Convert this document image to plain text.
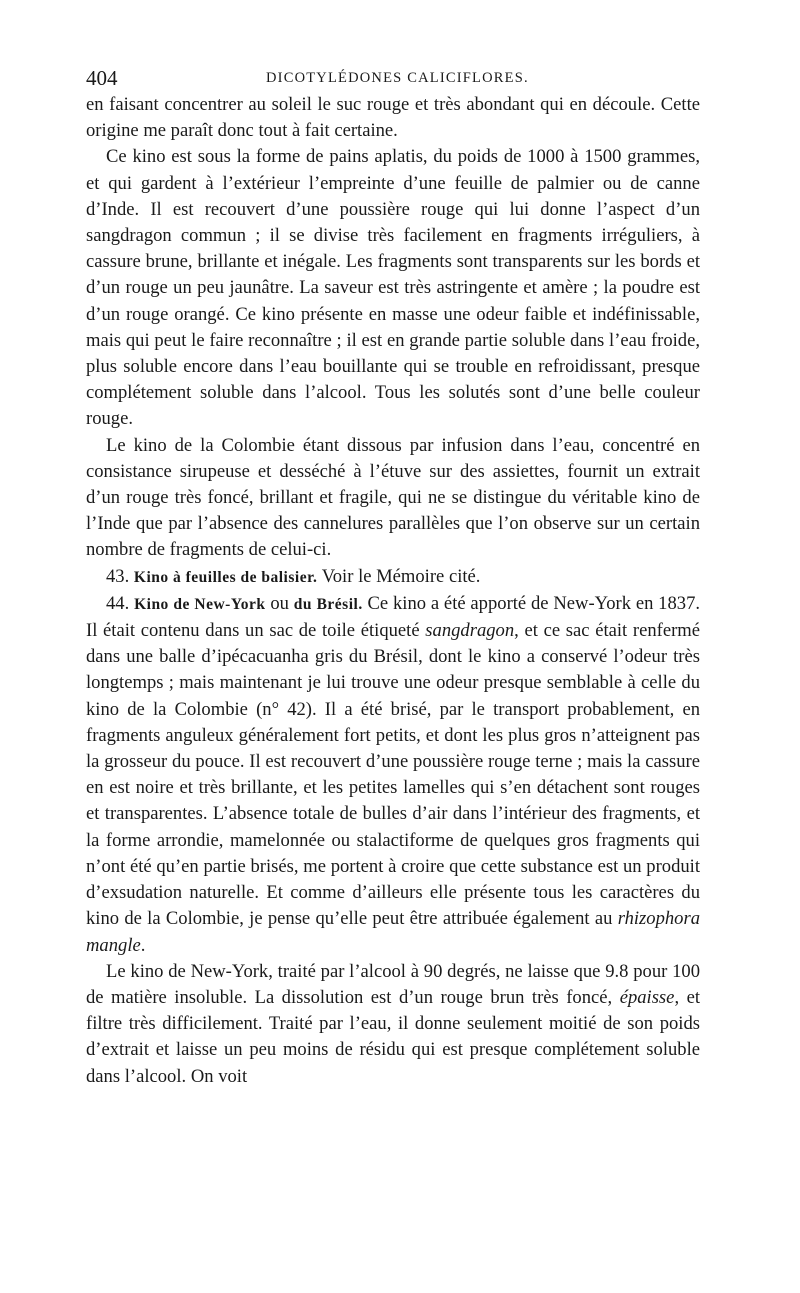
404	DICOTYLÉDONES CALICIFLORES.

en faisant concentrer au soleil le suc rouge et très abondant qui en découle. Cette origine me paraît donc tout à fait certaine.

Ce kino est sous la forme de pains aplatis, du poids de 1000 à 1500 grammes, et qui gardent à l’extérieur l’empreinte d’une feuille de palmier ou de canne d’Inde. Il est recouvert d’une poussière rouge qui lui donne l’aspect d’un sangdragon commun ; il se divise très facilement en fragments irréguliers, à cassure brune, brillante et inégale. Les fragments sont transparents sur les bords et d’un rouge un peu jaunâtre. La saveur est très astringente et amère ; la poudre est d’un rouge orangé. Ce kino présente en masse une odeur faible et indéfinissable, mais qui peut le faire reconnaître ; il est en grande partie soluble dans l’eau froide, plus soluble encore dans l’eau bouillante qui se trouble en refroidissant, presque complétement soluble dans l’alcool. Tous les solutés sont d’une belle couleur rouge.

Le kino de la Colombie étant dissous par infusion dans l’eau, concentré en consistance sirupeuse et desséché à l’étuve sur des assiettes, fournit un extrait d’un rouge très foncé, brillant et fragile, qui ne se distingue du véritable kino de l’Inde que par l’absence des cannelures parallèles que l’on observe sur un certain nombre de fragments de celui-ci.

43. Kino à feuilles de balisier. Voir le Mémoire cité.

44. Kino de New-York ou du Brésil. Ce kino a été apporté de New-York en 1837. Il était contenu dans un sac de toile étiqueté sangdragon, et ce sac était renfermé dans une balle d’ipécacuanha gris du Brésil, dont le kino a conservé l’odeur très longtemps ; mais maintenant je lui trouve une odeur presque semblable à celle du kino de la Colombie (n° 42). Il a été brisé, par le transport probablement, en fragments anguleux généralement fort petits, et dont les plus gros n’atteignent pas la grosseur du pouce. Il est recouvert d’une poussière rouge terne ; mais la cassure en est noire et très brillante, et les petites lamelles qui s’en détachent sont rouges et transparentes. L’absence totale de bulles d’air dans l’intérieur des fragments, et la forme arrondie, mamelonnée ou stalactiforme de quelques gros fragments qui n’ont été qu’en partie brisés, me portent à croire que cette substance est un produit d’exsudation naturelle. Et comme d’ailleurs elle présente tous les caractères du kino de la Colombie, je pense qu’elle peut être attribuée également au rhizophora mangle.

Le kino de New-York, traité par l’alcool à 90 degrés, ne laisse que 9.8 pour 100 de matière insoluble. La dissolution est d’un rouge brun très foncé, épaisse, et filtre très difficilement. Traité par l’eau, il donne seulement moitié de son poids d’extrait et laisse un peu moins de résidu qui est presque complétement soluble dans l’alcool. On voit
